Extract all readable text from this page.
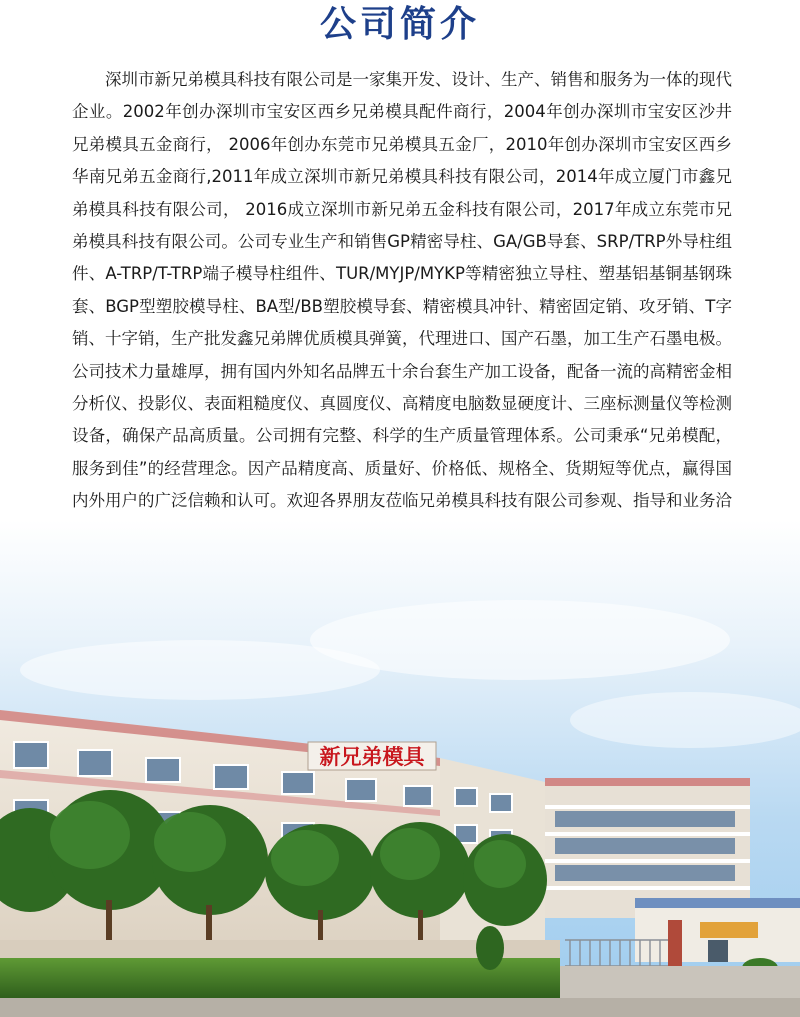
公司简介
深圳市新兄弟模具科技有限公司是一家集开发、设计、生产、销售和服务为一体的现代企业。2002年创办深圳市宝安区西乡兄弟模具配件商行，2004年创办深圳市宝安区沙井兄弟模具五金商行， 2006年创办东莞市兄弟模具五金厂，2010年创办深圳市宝安区西乡华南兄弟五金商行,2011年成立深圳市新兄弟模具科技有限公司，2014年成立厦门市鑫兄弟模具科技有限公司， 2016成立深圳市新兄弟五金科技有限公司，2017年成立东莞市兄弟模具科技有限公司。公司专业生产和销售GP精密导柱、GA/GB导套、SRP/TRP外导柱组件、A-TRP/T-TRP端子模导柱组件、TUR/MYJP/MYKP等精密独立导柱、塑基铝基铜基钢珠套、BGP型塑胶模导柱、BA型/BB塑胶模导套、精密模具冲针、精密固定销、攻牙销、T字销、十字销，生产批发鑫兄弟牌优质模具弹簧，代理进口、国产石墨，加工生产石墨电极。公司技术力量雄厚，拥有国内外知名品牌五十余台套生产加工设备，配备一流的高精密金相分析仪、投影仪、表面粗糙度仪、真圆度仪、高精度电脑数显硬度计、三座标测量仪等检测设备，确保产品高质量。公司拥有完整、科学的生产质量管理体系。公司秉承“兄弟模配，服务到佳”的经营理念。因产品精度高、质量好、价格低、规格全、货期短等优点，赢得国内外用户的广泛信赖和认可。欢迎各界朋友莅临兄弟模具科技有限公司参观、指导和业务洽
新兄弟模具
